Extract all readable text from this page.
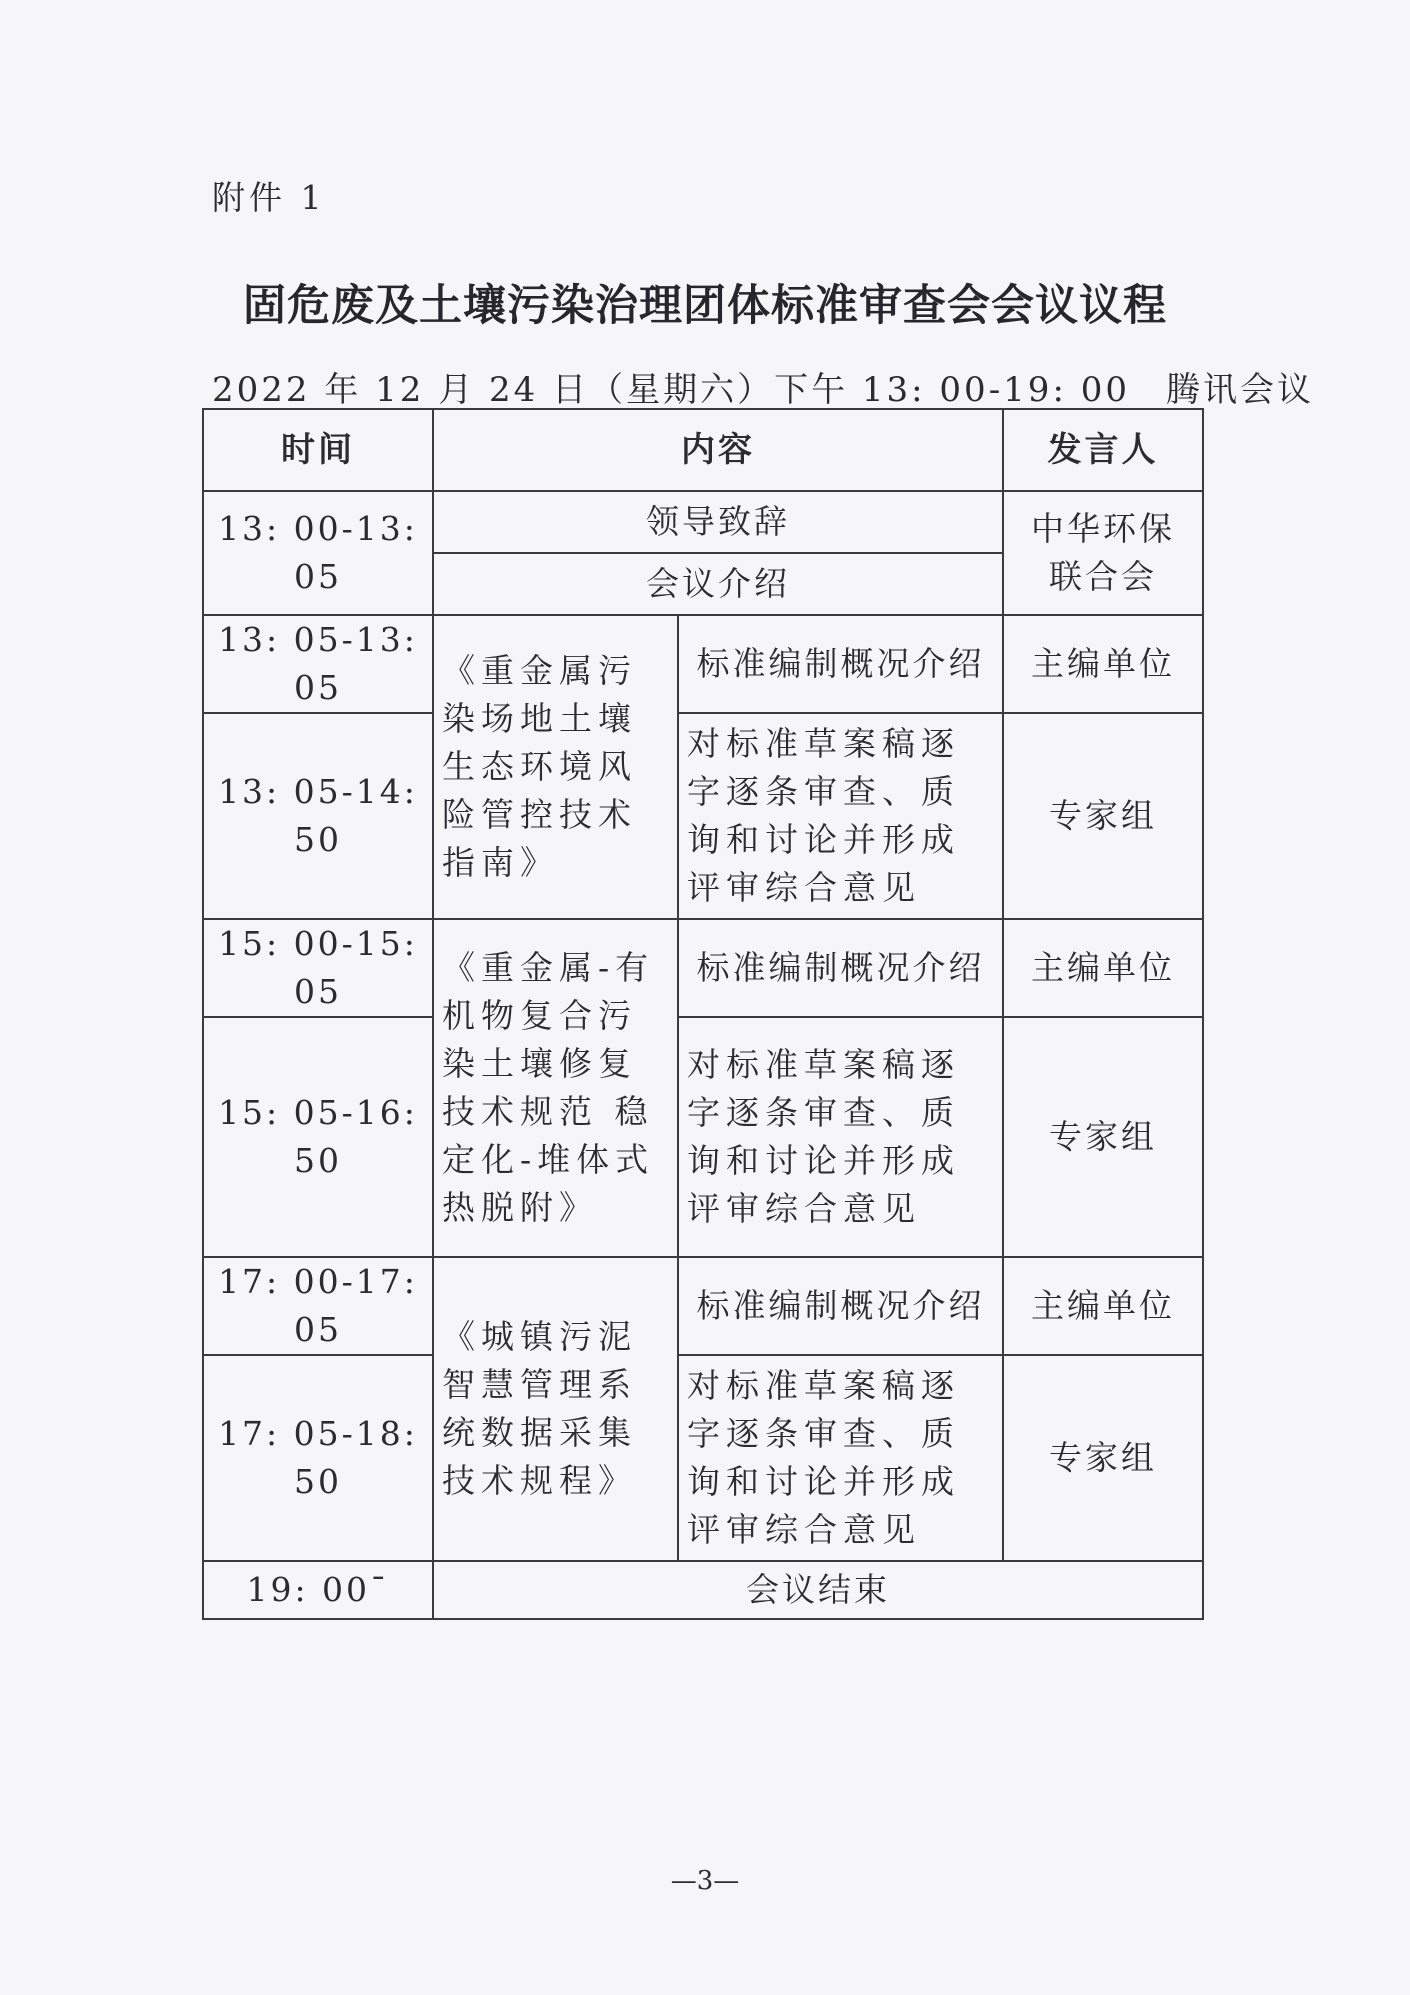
附件 1
固危废及土壤污染治理团体标准审查会会议议程
2022 年 12 月 24 日（星期六）下午 13: 00-19: 00 腾讯会议
时间	内容		发言人
13: 00-13: 05	领导致辞		中华环保联合会
	会议介绍		
13: 05-13: 05	《重金属污染场地土壤生态环境风险管控技术指南》	标准编制概况介绍	主编单位
13: 05-14: 50		对标准草案稿逐字逐条审查、质询和讨论并形成评审综合意见	专家组
15: 00-15: 05	《重金属-有机物复合污染土壤修复技术规范 稳定化-堆体式热脱附》	标准编制概况介绍	主编单位
15: 05-16: 50		对标准草案稿逐字逐条审查、质询和讨论并形成评审综合意见	专家组
17: 00-17: 05	《城镇污泥智慧管理系统数据采集技术规程》	标准编制概况介绍	主编单位
17: 05-18: 50		对标准草案稿逐字逐条审查、质询和讨论并形成评审综合意见	专家组
19: 00¯	会议结束		
—3—
